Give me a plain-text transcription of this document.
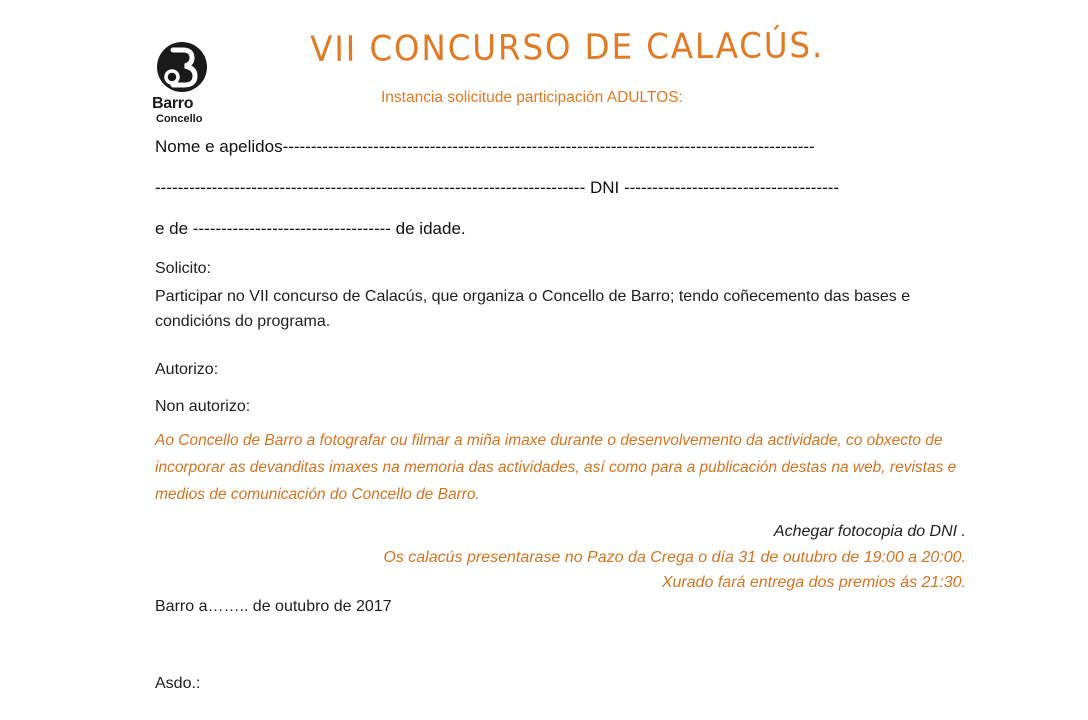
Barro
Concello
VII CONCURSO DE CALACÚS.
Instancia solicitude participación ADULTOS:
Nome e apelidos----------------------------------------------------------------------------------------------
---------------------------------------------------------------------------- DNI --------------------------------------
e de ----------------------------------- de idade.
Solicito:
Participar no VII concurso de Calacús, que organiza o Concello de Barro; tendo coñecemento das bases e condicións do programa.
Autorizo:
Non autorizo:
Ao Concello de Barro a fotografar ou filmar a miña imaxe durante o desenvolvemento da actividade, co obxecto de incorporar as devanditas imaxes na memoria das actividades, así como para a publicación destas na web, revistas e medios de comunicación do Concello de Barro.
Achegar fotocopia do DNI .
Os calacús presentarase no Pazo da Crega o día 31 de outubro de 19:00 a 20:00.
Xurado fará entrega dos premios ás 21:30.
Barro a…….. de outubro de 2017
Asdo.:
